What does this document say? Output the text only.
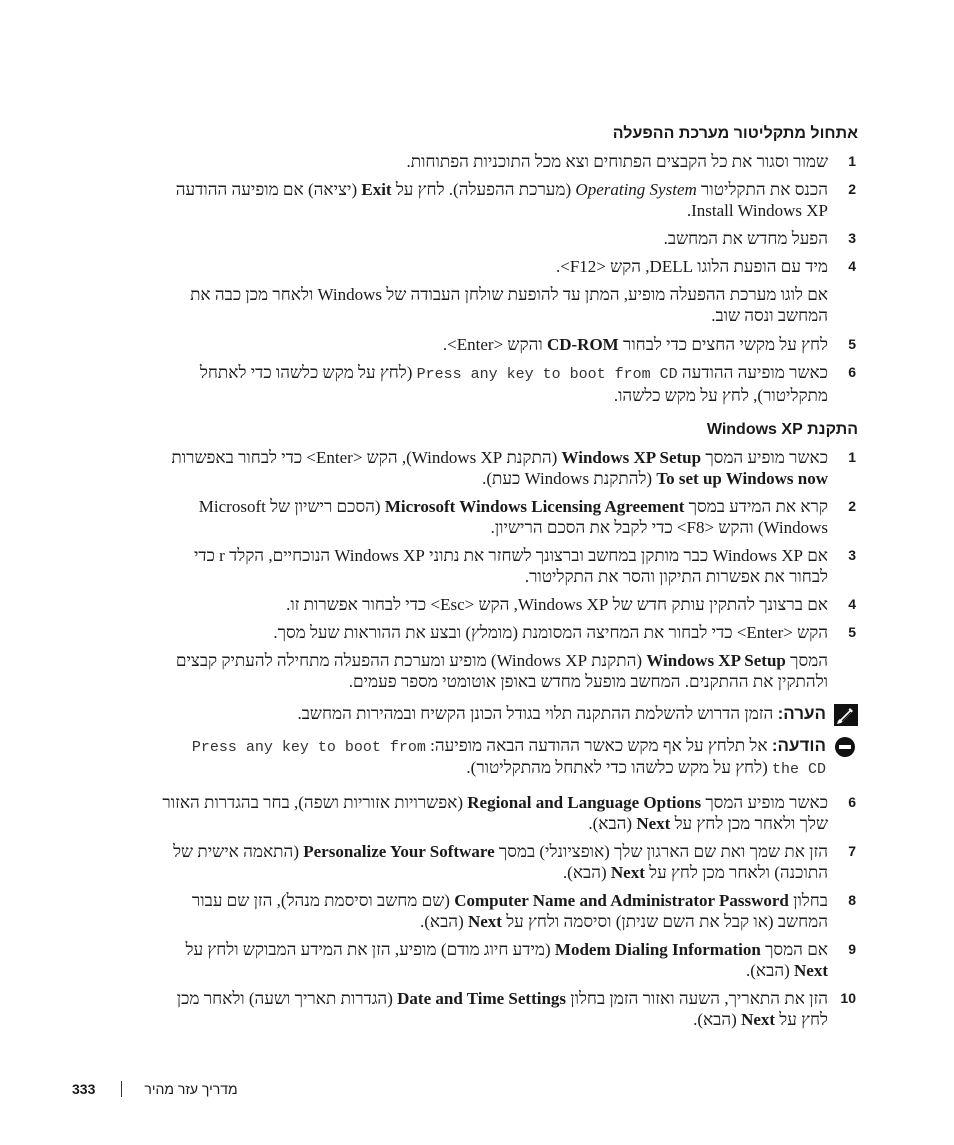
אתחול מתקליטור מערכת ההפעלה
1
שמור וסגור את כל הקבצים הפתוחים וצא מכל התוכניות הפתוחות.
2
הכנס את התקליטור Operating System (מערכת ההפעלה). לחץ על Exit (יציאה) אם מופיעה ההודעה Install Windows XP.
3
הפעל מחדש את המחשב.
4
מיד עם הופעת הלוגו DELL, הקש <F12>.
אם לוגו מערכת ההפעלה מופיע, המתן עד להופעת שולחן העבודה של Windows ולאחר מכן כבה את המחשב ונסה שוב.
5
לחץ על מקשי החצים כדי לבחור CD-ROM והקש <Enter>.
6
כאשר מופיעה ההודעה Press any key to boot from CD (לחץ על מקש כלשהו כדי לאתחל מתקליטור), לחץ על מקש כלשהו.
התקנת Windows XP
1
כאשר מופיע המסך Windows XP Setup (התקנת Windows XP), הקש <Enter> כדי לבחור באפשרות To set up Windows now (להתקנת Windows כעת).
2
קרא את המידע במסך Microsoft Windows Licensing Agreement (הסכם רישיון של Microsoft Windows) והקש <F8> כדי לקבל את הסכם הרישיון.
3
אם Windows XP כבר מותקן במחשב וברצונך לשחזר את נתוני Windows XP הנוכחיים, הקלד r כדי לבחור את אפשרות התיקון והסר את התקליטור.
4
אם ברצונך להתקין עותק חדש של Windows XP, הקש <Esc> כדי לבחור אפשרות זו.
5
הקש <Enter> כדי לבחור את המחיצה המסומנת (מומלץ) ובצע את ההוראות שעל מסך.
המסך Windows XP Setup (התקנת Windows XP) מופיע ומערכת ההפעלה מתחילה להעתיק קבצים ולהתקין את ההתקנים. המחשב מופעל מחדש באופן אוטומטי מספר פעמים.
הערה: הזמן הדרוש להשלמת ההתקנה תלוי בגודל הכונן הקשיח ובמהירות המחשב.
הודעה: אל תלחץ על אף מקש כאשר ההודעה הבאה מופיעה: Press any key to boot from the CD (לחץ על מקש כלשהו כדי לאתחל מהתקליטור).
6
כאשר מופיע המסך Regional and Language Options (אפשרויות אזוריות ושפה), בחר בהגדרות האזור שלך ולאחר מכן לחץ על Next (הבא).
7
הזן את שמך ואת שם הארגון שלך (אופציונלי) במסך Personalize Your Software (התאמה אישית של התוכנה) ולאחר מכן לחץ על Next (הבא).
8
בחלון Computer Name and Administrator Password (שם מחשב וסיסמת מנהל), הזן שם עבור המחשב (או קבל את השם שניתן) וסיסמה ולחץ על Next (הבא).
9
אם המסך Modem Dialing Information (מידע חיוג מודם) מופיע, הזן את המידע המבוקש ולחץ על Next (הבא).
10
הזן את התאריך, השעה ואזור הזמן בחלון Date and Time Settings (הגדרות תאריך ושעה) ולאחר מכן לחץ על Next (הבא).
333	מדריך עזר מהיר
